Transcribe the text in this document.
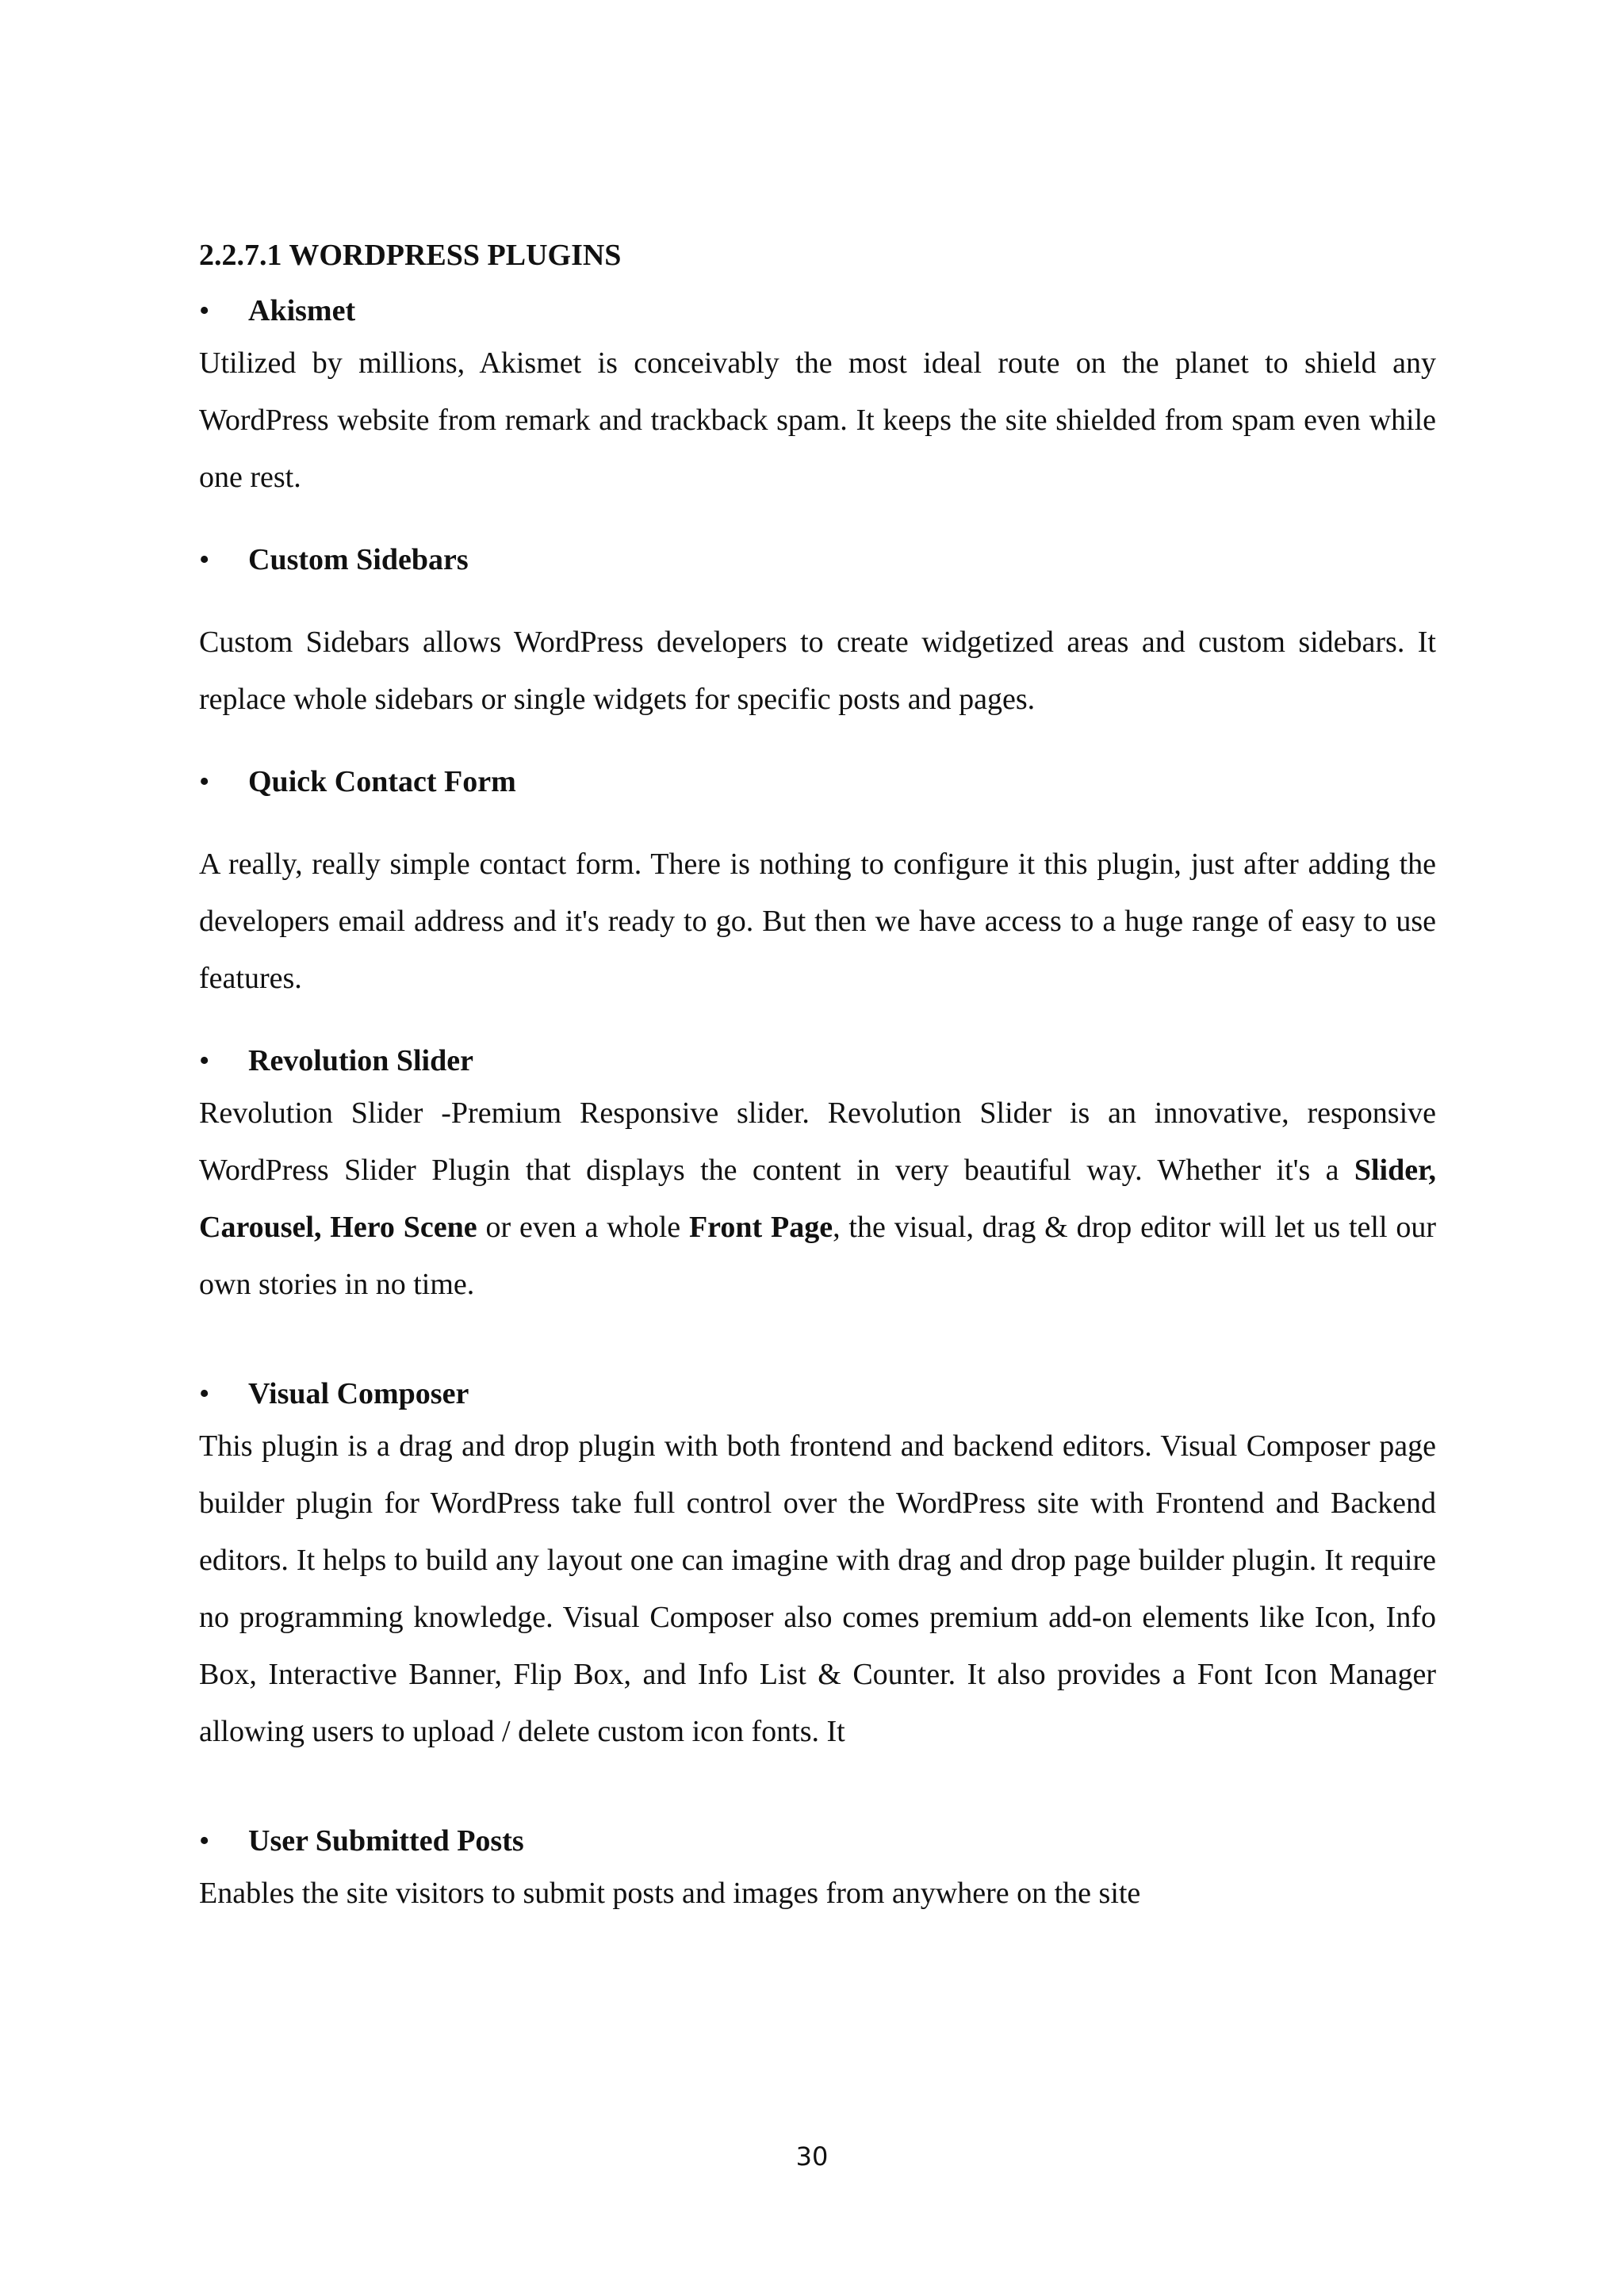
2.2.7.1 WORDPRESS PLUGINS
•	Akismet

Utilized by millions, Akismet is conceivably the most ideal route on the planet to shield any WordPress website from remark and trackback spam. It keeps the site shielded from spam even while one rest.

•	Custom Sidebars

Custom Sidebars allows WordPress developers to create widgetized areas and custom sidebars. It replace whole sidebars or single widgets for specific posts and pages.

•	Quick Contact Form

A really, really simple contact form. There is nothing to configure it this plugin, just after adding the developers email address and it's ready to go. But then we have access to a huge range of easy to use features.

•	Revolution Slider

Revolution Slider -Premium Responsive slider. Revolution Slider is an innovative, responsive WordPress Slider Plugin that displays the content in very beautiful way. Whether it's a Slider, Carousel, Hero Scene or even a whole Front Page, the visual, drag & drop editor will let us tell our own stories in no time.

•	Visual Composer

This plugin is a drag and drop plugin with both frontend and backend editors. Visual Composer page builder plugin for WordPress take full control over the WordPress site with Frontend and Backend editors. It helps to build any layout one can imagine with drag and drop page builder plugin. It require no programming knowledge. Visual Composer also comes premium add-on elements like Icon, Info Box, Interactive Banner, Flip Box, and Info List & Counter. It also provides a Font Icon Manager allowing users to upload / delete custom icon fonts. It

•	User Submitted Posts

Enables the site visitors to submit posts and images from anywhere on the site

30
